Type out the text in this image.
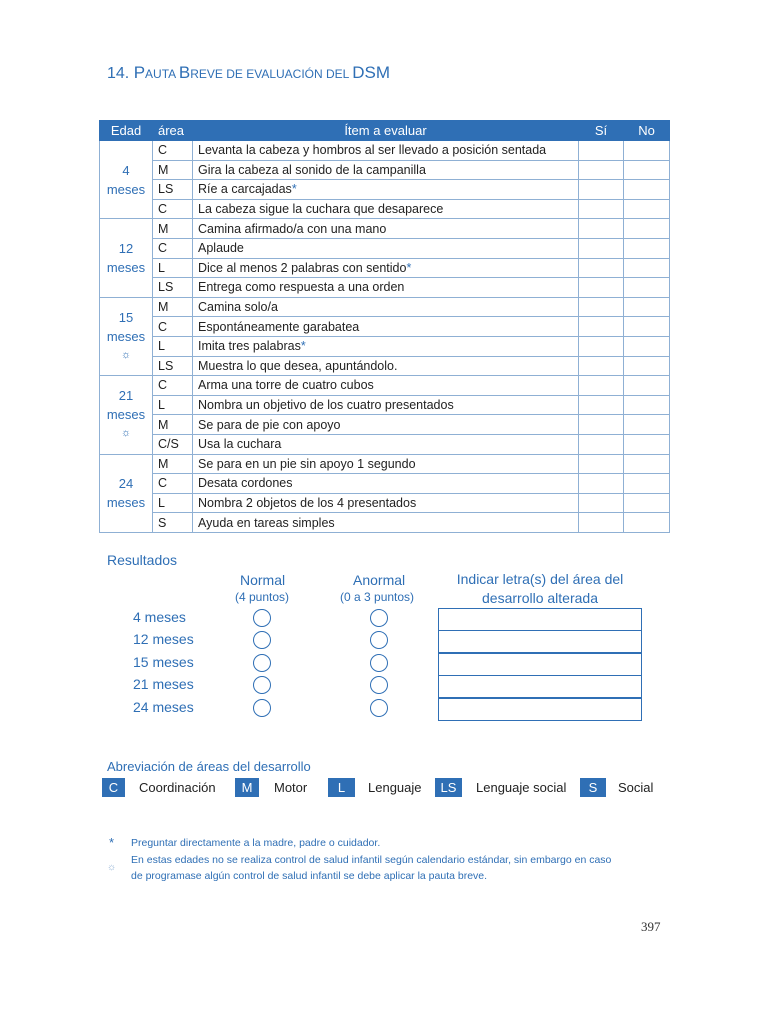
14. PAUTA BREVE DE EVALUACIÓN DEL DSM
Edad	área	Ítem a evaluar	Sí	No

4
meses	C	Levanta la cabeza y hombros al ser llevado a posición sentada		
	M	Gira la cabeza al sonido de la campanilla		
	LS	Ríe a carcajadas*		
	C	La cabeza sigue la cuchara que desaparece		

12
meses	M	Camina afirmado/a con una mano		
	C	Aplaude		
	L	Dice al menos 2 palabras con sentido*		
	LS	Entrega como respuesta a una orden		

15
meses
☼	M	Camina solo/a		
	C	Espontáneamente garabatea		
	L	Imita tres palabras*		
	LS	Muestra lo que desea, apuntándolo.		

21
meses
☼	C	Arma una torre de cuatro cubos		
	L	Nombra un objetivo de los cuatro presentados		
	M	Se para de pie con apoyo		
	C/S	Usa la cuchara		

24
meses	M	Se para en un pie sin apoyo 1 segundo		
	C	Desata cordones		
	L	Nombra 2 objetos de los 4 presentados		
	S	Ayuda en tareas simples		
Resultados
Normal
(4 puntos)
Anormal
(0 a 3 puntos)
Indicar letra(s) del área del
desarrollo alterada
4 meses
12 meses
15 meses
21 meses
24 meses
Abreviación de áreas del desarrollo
C	Coordinación	M	Motor	L	Lenguaje	LS	Lenguaje social	S	Social
* Preguntar directamente a la madre, padre o cuidador.
☼
En estas edades no se realiza control de salud infantil según calendario estándar, sin embargo en caso
de programase algún control de salud infantil se debe aplicar la pauta breve.
397
